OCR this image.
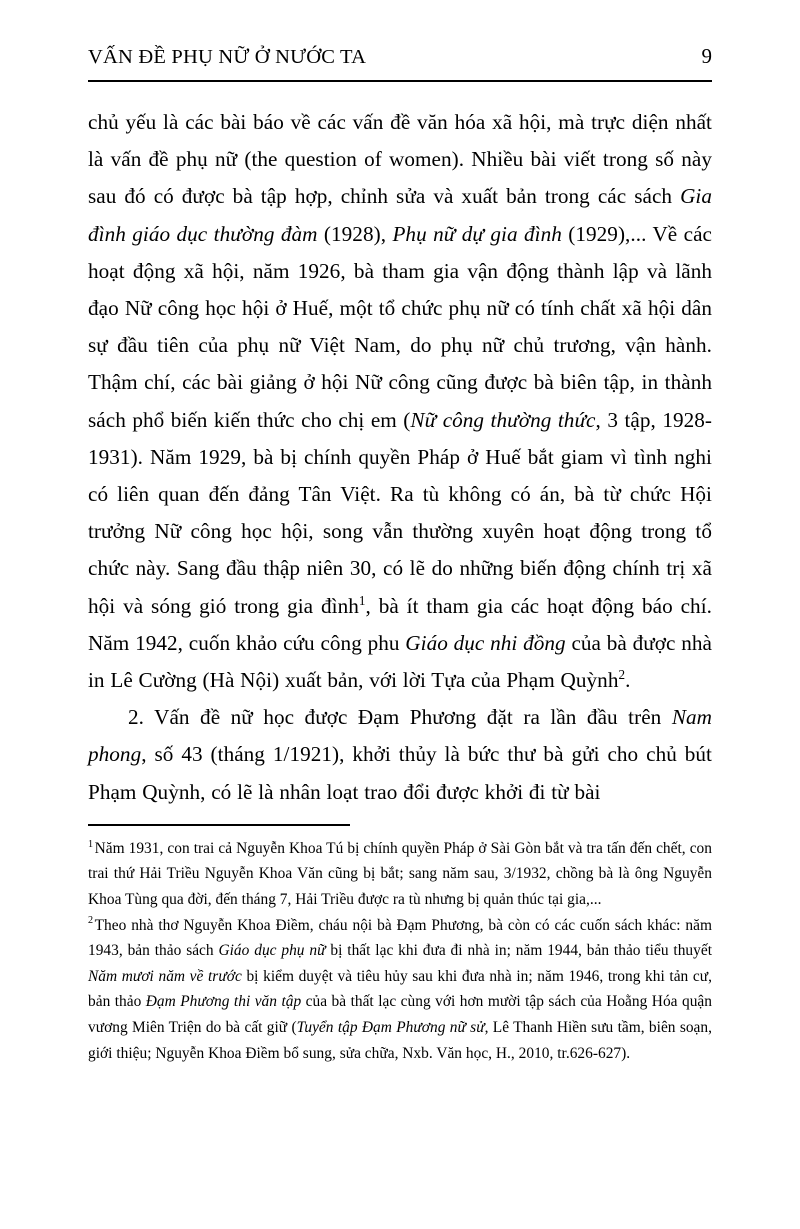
VẤN ĐỀ PHỤ NỮ Ở NƯỚC TA	9

chủ yếu là các bài báo về các vấn đề văn hóa xã hội, mà trực diện nhất là vấn đề phụ nữ (the question of women). Nhiều bài viết trong số này sau đó có được bà tập hợp, chỉnh sửa và xuất bản trong các sách Gia đình giáo dục thường đàm (1928), Phụ nữ dự gia đình (1929),... Về các hoạt động xã hội, năm 1926, bà tham gia vận động thành lập và lãnh đạo Nữ công học hội ở Huế, một tổ chức phụ nữ có tính chất xã hội dân sự đầu tiên của phụ nữ Việt Nam, do phụ nữ chủ trương, vận hành. Thậm chí, các bài giảng ở hội Nữ công cũng được bà biên tập, in thành sách phổ biến kiến thức cho chị em (Nữ công thường thức, 3 tập, 1928-1931). Năm 1929, bà bị chính quyền Pháp ở Huế bắt giam vì tình nghi có liên quan đến đảng Tân Việt. Ra tù không có án, bà từ chức Hội trưởng Nữ công học hội, song vẫn thường xuyên hoạt động trong tổ chức này. Sang đầu thập niên 30, có lẽ do những biến động chính trị xã hội và sóng gió trong gia đình$^1$, bà ít tham gia các hoạt động báo chí. Năm 1942, cuốn khảo cứu công phu Giáo dục nhi đồng của bà được nhà in Lê Cường (Hà Nội) xuất bản, với lời Tựa của Phạm Quỳnh$^2$.

2. Vấn đề nữ học được Đạm Phương đặt ra lần đầu trên Nam phong, số 43 (tháng 1/1921), khởi thủy là bức thư bà gửi cho chủ bút Phạm Quỳnh, có lẽ là nhân loạt trao đổi được khởi đi từ bài

$^1$Năm 1931, con trai cả Nguyễn Khoa Tú bị chính quyền Pháp ở Sài Gòn bắt và tra tấn đến chết, con trai thứ Hải Triều Nguyễn Khoa Văn cũng bị bắt; sang năm sau, 3/1932, chồng bà là ông Nguyễn Khoa Tùng qua đời, đến tháng 7, Hải Triều được ra tù nhưng bị quản thúc tại gia,...

$^2$Theo nhà thơ Nguyễn Khoa Điềm, cháu nội bà Đạm Phương, bà còn có các cuốn sách khác: năm 1943, bản thảo sách Giáo dục phụ nữ bị thất lạc khi đưa đi nhà in; năm 1944, bản thảo tiểu thuyết Năm mươi năm về trước bị kiểm duyệt và tiêu hủy sau khi đưa nhà in; năm 1946, trong khi tản cư, bản thảo Đạm Phương thi văn tập của bà thất lạc cùng với hơn mười tập sách của Hoằng Hóa quận vương Miên Triện do bà cất giữ (Tuyển tập Đạm Phương nữ sử, Lê Thanh Hiền sưu tầm, biên soạn, giới thiệu; Nguyễn Khoa Điềm bổ sung, sửa chữa, Nxb. Văn học, H., 2010, tr.626-627).
